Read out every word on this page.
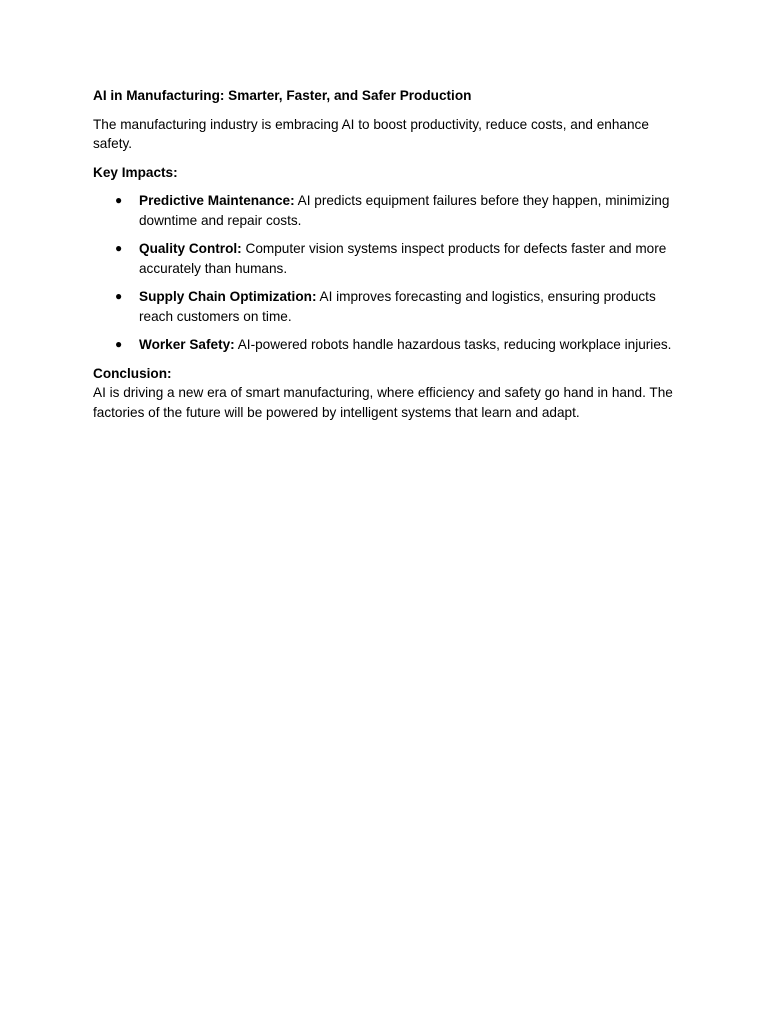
AI in Manufacturing: Smarter, Faster, and Safer Production

The manufacturing industry is embracing AI to boost productivity, reduce costs, and enhance safety.

Key Impacts:

● Predictive Maintenance: AI predicts equipment failures before they happen, minimizing downtime and repair costs.
● Quality Control: Computer vision systems inspect products for defects faster and more accurately than humans.
● Supply Chain Optimization: AI improves forecasting and logistics, ensuring products reach customers on time.
● Worker Safety: AI-powered robots handle hazardous tasks, reducing workplace injuries.

Conclusion:

AI is driving a new era of smart manufacturing, where efficiency and safety go hand in hand. The factories of the future will be powered by intelligent systems that learn and adapt.
